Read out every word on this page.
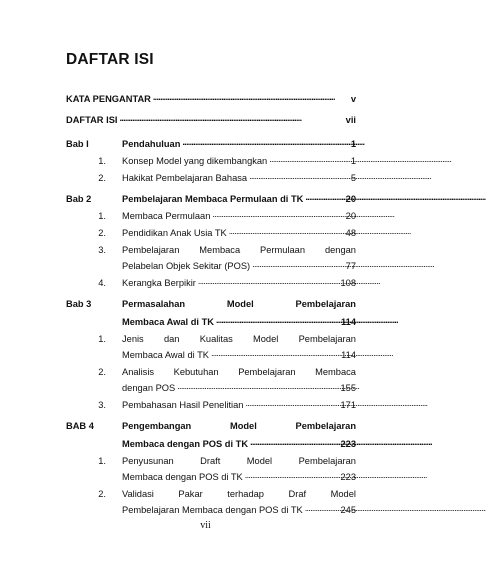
DAFTAR ISI
KATA PENGANTAR . . .	v
DAFTAR ISI . . .	vii
Bab I	Pendahuluan . . .	1
1. Konsep Model yang dikembangkan . . .	1
2. Hakikat Pembelajaran Bahasa . . .	5
Bab 2	Pembelajaran Membaca Permulaan di TK . . .	20
1. Membaca Permulaan . . .	20
2. Pendidikan Anak Usia TK . . .	48
3. Pembelajaran Membaca Permulaan dengan
Pelabelan Objek Sekitar (POS) . . .	77
4. Kerangka Berpikir . . .	108
Bab 3	Permasalahan	Model	Pembelajaran
Membaca Awal di TK . . .	114
1. Jenis dan Kualitas Model Pembelajaran
Membaca Awal di TK . . .	114
2. Analisis Kebutuhan Pembelajaran Membaca
dengan POS . . .	155
3. Pembahasan Hasil Penelitian . . .	171
BAB 4	Pengembangan	Model	Pembelajaran
Membaca dengan POS di TK . . .	223
1. Penyusunan	Draft	Model	Pembelajaran
Membaca dengan POS di TK . . .	223
2. Validasi	Pakar	terhadap	Draf	Model
Pembelajaran Membaca dengan POS di TK . . .	245
vii
